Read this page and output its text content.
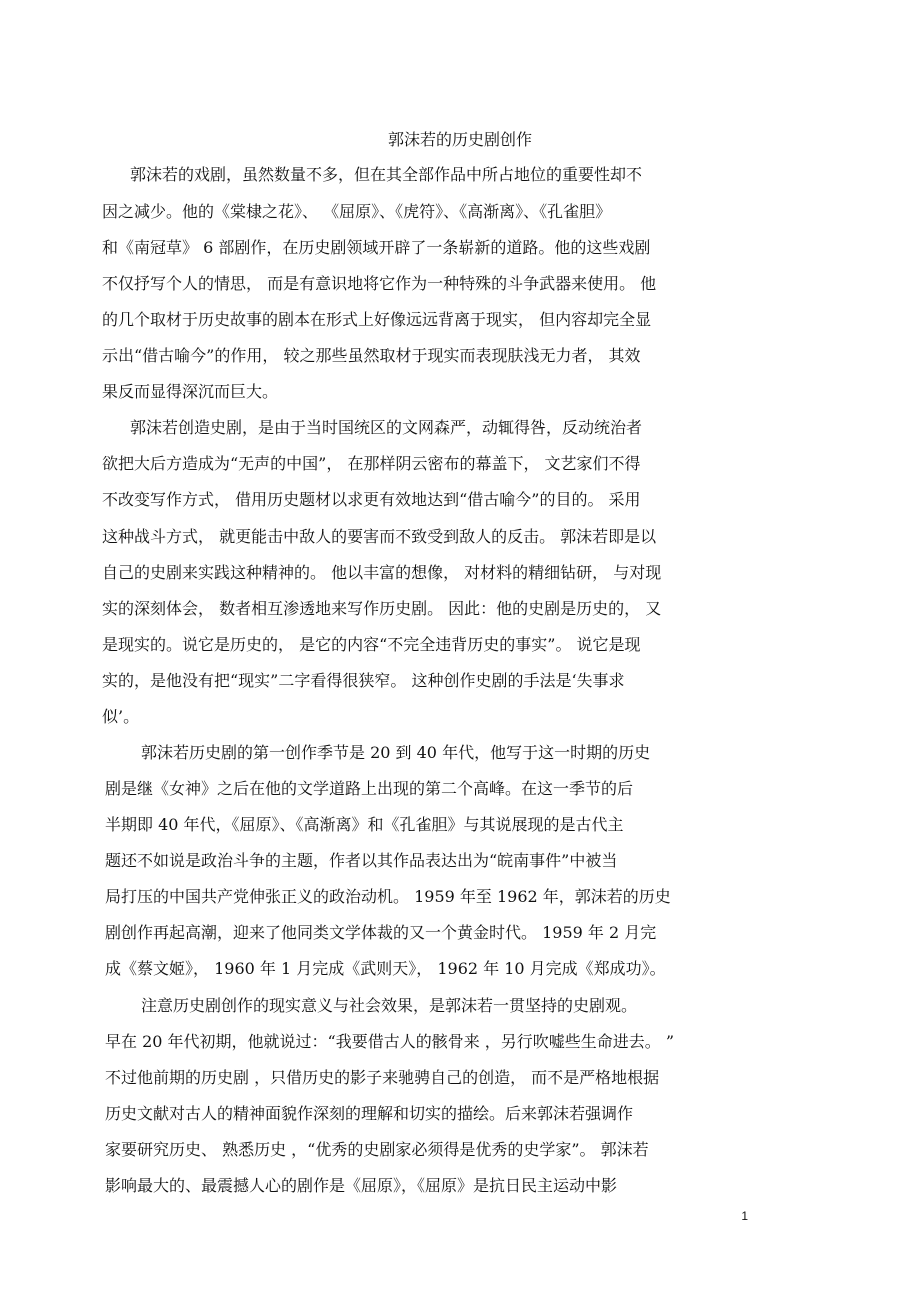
郭沫若的历史剧创作
郭沫若的戏剧，虽然数量不多，但在其全部作品中所占地位的重要性却不
因之减少。他的《棠棣之花》、 《屈原》、《虎符》、《高渐离》、《孔雀胆》
和《南冠草》 6 部剧作，在历史剧领域开辟了一条崭新的道路。他的这些戏剧
不仅抒写个人的情思， 而是有意识地将它作为一种特殊的斗争武器来使用。 他
的几个取材于历史故事的剧本在形式上好像远远背离于现实， 但内容却完全显
示出“借古喻今”的作用， 较之那些虽然取材于现实而表现肤浅无力者， 其效
果反而显得深沉而巨大。
郭沫若创造史剧，是由于当时国统区的文网森严，动辄得咎，反动统治者
欲把大后方造成为“无声的中国”， 在那样阴云密布的幕盖下， 文艺家们不得
不改变写作方式， 借用历史题材以求更有效地达到“借古喻今”的目的。 采用
这种战斗方式， 就更能击中敌人的要害而不致受到敌人的反击。 郭沫若即是以
自己的史剧来实践这种精神的。 他以丰富的想像， 对材料的精细钻研， 与对现
实的深刻体会， 数者相互渗透地来写作历史剧。 因此：他的史剧是历史的， 又
是现实的。说它是历史的， 是它的内容“不完全违背历史的事实”。 说它是现
实的，是他没有把“现实”二字看得很狭窄。 这种创作史剧的手法是‘失事求
似’。
郭沫若历史剧的第一创作季节是 20 到 40 年代，他写于这一时期的历史
剧是继《女神》之后在他的文学道路上出现的第二个高峰。在这一季节的后
半期即 40 年代，《屈原》、《高渐离》和《孔雀胆》与其说展现的是古代主
题还不如说是政治斗争的主题，作者以其作品表达出为“皖南事件”中被当
局打压的中国共产党伸张正义的政治动机。 1959 年至 1962 年，郭沫若的历史
剧创作再起高潮，迎来了他同类文学体裁的又一个黄金时代。 1959 年 2 月完
成《蔡文姬》， 1960 年 1 月完成《武则天》， 1962 年 10 月完成《郑成功》。
注意历史剧创作的现实意义与社会效果，是郭沫若一贯坚持的史剧观。
早在 20 年代初期，他就说过：“我要借古人的骸骨来 ，另行吹嘘些生命进去。 ”
不过他前期的历史剧 ，只借历史的影子来驰骋自己的创造， 而不是严格地根据
历史文献对古人的精神面貌作深刻的理解和切实的描绘。后来郭沫若强调作
家要研究历史、 熟悉历史 ，“优秀的史剧家必须得是优秀的史学家”。 郭沫若
影响最大的、最震撼人心的剧作是《屈原》，《屈原》是抗日民主运动中影
1
